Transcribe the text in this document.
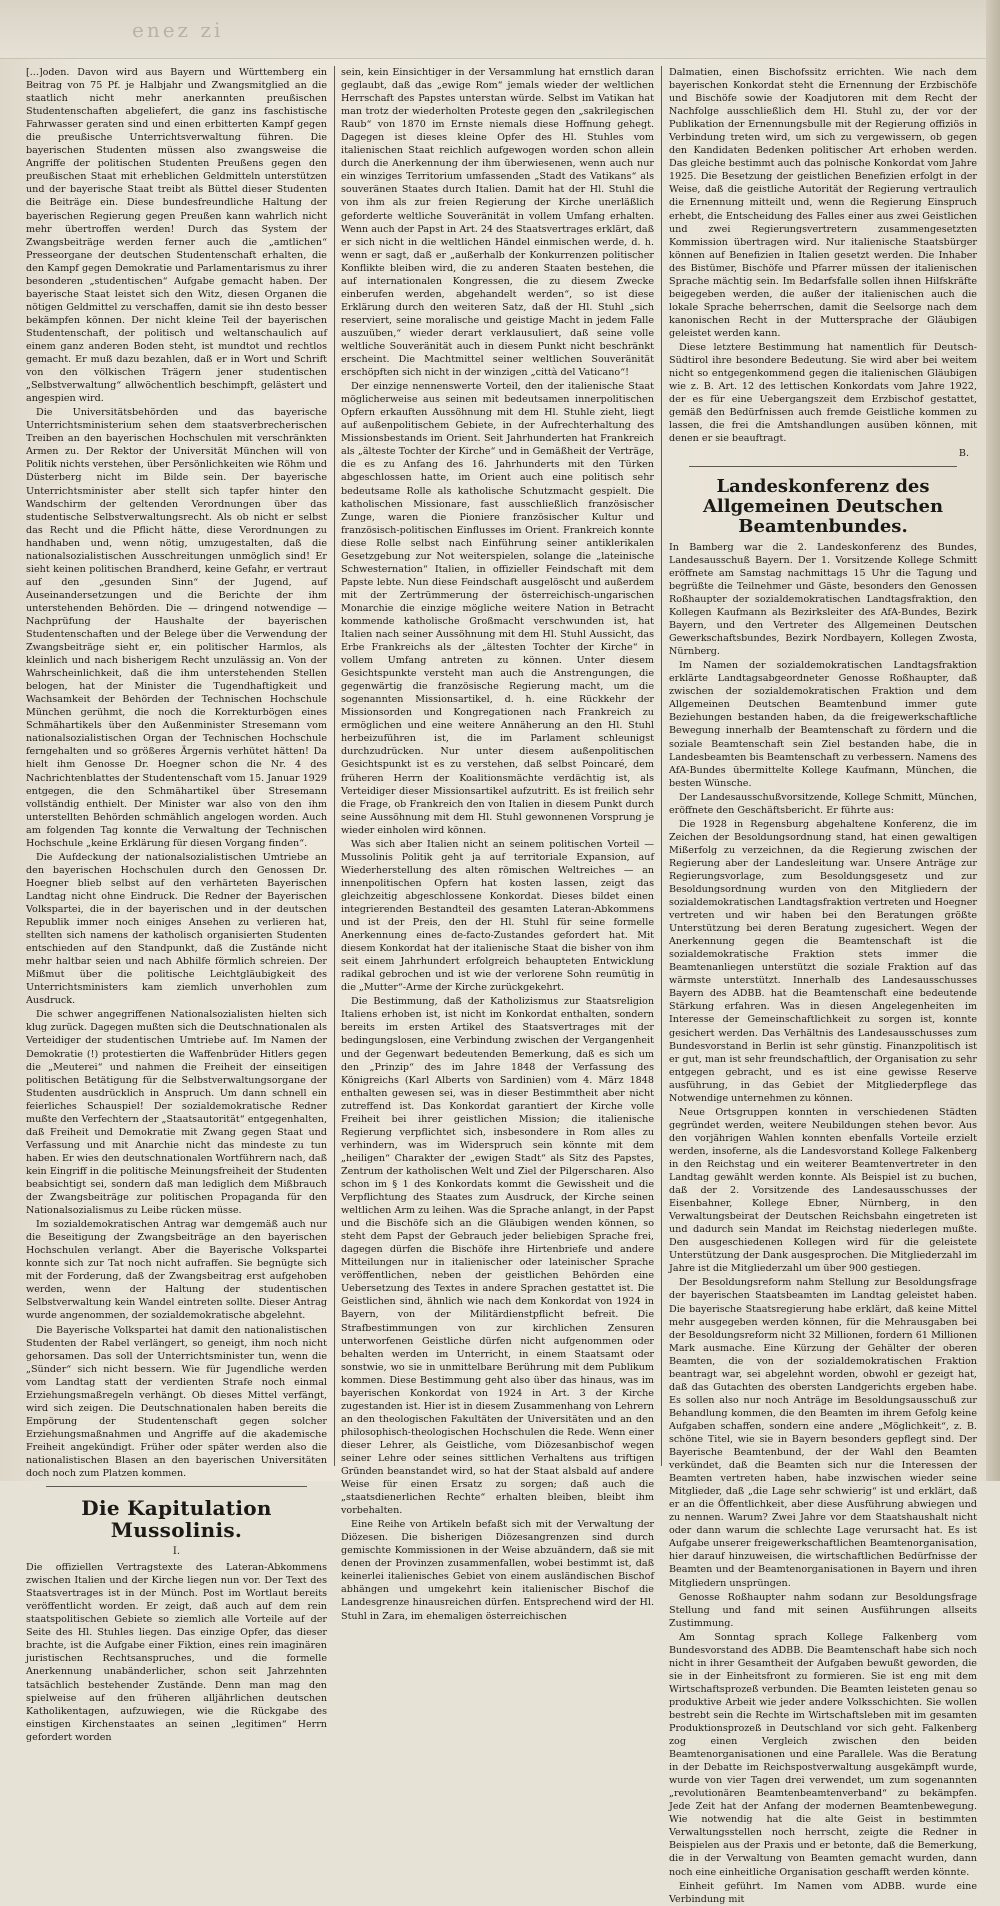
enez zi

[...]oden. Davon wird aus Bayern und Württemberg ein Beitrag von 75 Pf. je Halbjahr und Zwangsmitglied an die staatlich nicht mehr anerkannten preußischen Studentenschaften abgeliefert, die ganz ins faschistische Fahrwasser geraten sind und einen erbitterten Kampf gegen die preußische Unterrichtsverwaltung führen. Die bayerischen Studenten müssen also zwangsweise die Angriffe der politischen Studenten Preußens gegen den preußischen Staat mit erheblichen Geldmitteln unterstützen und der bayerische Staat treibt als Büttel dieser Studenten die Beiträge ein. Diese bundesfreundliche Haltung der bayerischen Regierung gegen Preußen kann wahrlich nicht mehr übertroffen werden! Durch das System der Zwangsbeiträge werden ferner auch die „amtlichen“ Presseorgane der deutschen Studentenschaft erhalten, die den Kampf gegen Demokratie und Parlamentarismus zu ihrer besonderen „studentischen“ Aufgabe gemacht haben. Der bayerische Staat leistet sich den Witz, diesen Organen die nötigen Geldmittel zu verschaffen, damit sie ihn desto besser bekämpfen können. Der nicht kleine Teil der bayerischen Studentenschaft, der politisch und weltanschaulich auf einem ganz anderen Boden steht, ist mundtot und rechtlos gemacht. Er muß dazu bezahlen, daß er in Wort und Schrift von den völkischen Trägern jener studentischen „Selbstverwaltung“ allwöchentlich beschimpft, gelästert und angespien wird.

Die Universitätsbehörden und das bayerische Unterrichtsministerium sehen dem staatsverbrecherischen Treiben an den bayerischen Hochschulen mit verschränkten Armen zu. Der Rektor der Universität München will von Politik nichts verstehen, über Persönlichkeiten wie Röhm und Düsterberg nicht im Bilde sein. Der bayerische Unterrichtsminister aber stellt sich tapfer hinter den Wandschirm der geltenden Verordnungen über das studentische Selbstverwaltungsrecht. Als ob nicht er selbst das Recht und die Pflicht hätte, diese Verordnungen zu handhaben und, wenn nötig, umzugestalten, daß die nationalsozialistischen Ausschreitungen unmöglich sind! Er sieht keinen politischen Brandherd, keine Gefahr, er vertraut auf den „gesunden Sinn“ der Jugend, auf Auseinandersetzungen und die Berichte der ihm unterstehenden Behörden. Die — dringend notwendige — Nachprüfung der Haushalte der bayerischen Studentenschaften und der Belege über die Verwendung der Zwangsbeiträge sieht er, ein politischer Harmlos, als kleinlich und nach bisherigem Recht unzulässig an. Von der Wahrscheinlichkeit, daß die ihm unterstehenden Stellen belogen, hat der Minister die Tugendhaftigkeit und Wachsamkeit der Behörden der Technischen Hochschule München gerühmt, die noch die Korrekturbögen eines Schmähartikels über den Außenminister Stresemann vom nationalsozialistischen Organ der Technischen Hochschule ferngehalten und so größeres Ärgernis verhütet hätten! Da hielt ihm Genosse Dr. Hoegner schon die Nr. 4 des Nachrichtenblattes der Studentenschaft vom 15. Januar 1929 entgegen, die den Schmähartikel über Stresemann vollständig enthielt. Der Minister war also von den ihm unterstellten Behörden schmählich angelogen worden. Auch am folgenden Tag konnte die Verwaltung der Technischen Hochschule „keine Erklärung für diesen Vorgang finden“.

Die Aufdeckung der nationalsozialistischen Umtriebe an den bayerischen Hochschulen durch den Genossen Dr. Hoegner blieb selbst auf den verhärteten Bayerischen Landtag nicht ohne Eindruck. Die Redner der Bayerischen Volkspartei, die in der bayerischen und in der deutschen Republik immer noch einiges Ansehen zu verlieren hat, stellten sich namens der katholisch organisierten Studenten entschieden auf den Standpunkt, daß die Zustände nicht mehr haltbar seien und nach Abhilfe förmlich schreien. Der Mißmut über die politische Leichtgläubigkeit des Unterrichtsministers kam ziemlich unverhohlen zum Ausdruck.

Die schwer angegriffenen Nationalsozialisten hielten sich klug zurück. Dagegen mußten sich die Deutschnationalen als Verteidiger der studentischen Umtriebe auf. Im Namen der Demokratie (!) protestierten die Waffenbrüder Hitlers gegen die „Meuterei“ und nahmen die Freiheit der einseitigen politischen Betätigung für die Selbstverwaltungsorgane der Studenten ausdrücklich in Anspruch. Um dann schnell ein feierliches Schauspiel! Der sozialdemokratische Redner mußte den Verfechtern der „Staatsautorität“ entgegenhalten, daß Freiheit und Demokratie mit Zwang gegen Staat und Verfassung und mit Anarchie nicht das mindeste zu tun haben. Er wies den deutschnationalen Wortführern nach, daß kein Eingriff in die politische Meinungsfreiheit der Studenten beabsichtigt sei, sondern daß man lediglich dem Mißbrauch der Zwangsbeiträge zur politischen Propaganda für den Nationalsozialismus zu Leibe rücken müsse.

Im sozialdemokratischen Antrag war demgemäß auch nur die Beseitigung der Zwangsbeiträge an den bayerischen Hochschulen verlangt. Aber die Bayerische Volkspartei konnte sich zur Tat noch nicht aufraffen. Sie begnügte sich mit der Forderung, daß der Zwangsbeitrag erst aufgehoben werden, wenn der Haltung der studentischen Selbstverwaltung kein Wandel eintreten sollte. Dieser Antrag wurde angenommen, der sozialdemokratische abgelehnt.

Die Bayerische Volkspartei hat damit den nationalistischen Studenten der Rabel verlängert, so geneigt, ihm noch nicht gehorsamen. Das soll der Unterrichtsminister tun, wenn die „Sünder“ sich nicht bessern. Wie für Jugendliche werden vom Landtag statt der verdienten Strafe noch einmal Erziehungsmaßregeln verhängt. Ob dieses Mittel verfängt, wird sich zeigen. Die Deutschnationalen haben bereits die Empörung der Studentenschaft gegen solcher Erziehungsmaßnahmen und Angriffe auf die akademische Freiheit angekündigt. Früher oder später werden also die nationalistischen Blasen an den bayerischen Universitäten doch noch zum Platzen kommen.

Die Kapitulation Mussolinis.
I.

Die offiziellen Vertragstexte des Lateran-Abkommens zwischen Italien und der Kirche liegen nun vor. Der Text des Staatsvertrages ist in der Münch. Post im Wortlaut bereits veröffentlicht worden. Er zeigt, daß auch auf dem rein staatspolitischen Gebiete so ziemlich alle Vorteile auf der Seite des Hl. Stuhles liegen. Das einzige Opfer, das dieser brachte, ist die Aufgabe einer Fiktion, eines rein imaginären juristischen Rechtsanspruches, und die formelle Anerkennung unabänderlicher, schon seit Jahrzehnten tatsächlich bestehender Zustände. Denn man mag den spielweise auf den früheren alljährlichen deutschen Katholikentagen, aufzuwiegen, wie die Rückgabe des einstigen Kirchenstaates an seinen „legitimen“ Herrn gefordert worden

sein, kein Einsichtiger in der Versammlung hat ernstlich daran geglaubt, daß das „ewige Rom“ jemals wieder der weltlichen Herrschaft des Papstes unterstan würde. Selbst im Vatikan hat man trotz der wiederholten Proteste gegen den „sakrilegischen Raub“ von 1870 im Ernste niemals diese Hoffnung gehegt. Dagegen ist dieses kleine Opfer des Hl. Stuhles vom italienischen Staat reichlich aufgewogen worden schon allein durch die Anerkennung der ihm überwiesenen, wenn auch nur ein winziges Territorium umfassenden „Stadt des Vatikans“ als souveränen Staates durch Italien. Damit hat der Hl. Stuhl die von ihm als zur freien Regierung der Kirche unerläßlich geforderte weltliche Souveränität in vollem Umfang erhalten. Wenn auch der Papst in Art. 24 des Staatsvertrages erklärt, daß er sich nicht in die weltlichen Händel einmischen werde, d. h. wenn er sagt, daß er „außerhalb der Konkurrenzen politischer Konflikte bleiben wird, die zu anderen Staaten bestehen, die auf internationalen Kongressen, die zu diesem Zwecke einberufen werden, abgehandelt werden“, so ist diese Erklärung durch den weiteren Satz, daß der Hl. Stuhl „sich reserviert, seine moralische und geistige Macht in jedem Falle auszuüben,“ wieder derart verklausuliert, daß seine volle weltliche Souveränität auch in diesem Punkt nicht beschränkt erscheint. Die Machtmittel seiner weltlichen Souveränität erschöpften sich nicht in der winzigen „città del Vaticano“!

Der einzige nennenswerte Vorteil, den der italienische Staat möglicherweise aus seinen mit bedeutsamen innerpolitischen Opfern erkauften Aussöhnung mit dem Hl. Stuhle zieht, liegt auf außenpolitischem Gebiete, in der Aufrechterhaltung des Missionsbestands im Orient. Seit Jahrhunderten hat Frankreich als „älteste Tochter der Kirche“ und in Gemäßheit der Verträge, die es zu Anfang des 16. Jahrhunderts mit den Türken abgeschlossen hatte, im Orient auch eine politisch sehr bedeutsame Rolle als katholische Schutzmacht gespielt. Die katholischen Missionare, fast ausschließlich französischer Zunge, waren die Pioniere französischer Kultur und französisch-politischen Einflusses im Orient. Frankreich konnte diese Rolle selbst nach Einführung seiner antiklerikalen Gesetzgebung zur Not weiterspielen, solange die „lateinische Schwesternation“ Italien, in offizieller Feindschaft mit dem Papste lebte. Nun diese Feindschaft ausgelöscht und außerdem mit der Zertrümmerung der österreichisch-ungarischen Monarchie die einzige mögliche weitere Nation in Betracht kommende katholische Großmacht verschwunden ist, hat Italien nach seiner Aussöhnung mit dem Hl. Stuhl Aussicht, das Erbe Frankreichs als der „ältesten Tochter der Kirche“ in vollem Umfang antreten zu können. Unter diesem Gesichtspunkte versteht man auch die Anstrengungen, die gegenwärtig die französische Regierung macht, um die sogenannten Missionsartikel, d. h. eine Rückkehr der Missionsorden und Kongregationen nach Frankreich zu ermöglichen und eine weitere Annäherung an den Hl. Stuhl herbeizuführen ist, die im Parlament schleunigst durchzudrücken. Nur unter diesem außenpolitischen Gesichtspunkt ist es zu verstehen, daß selbst Poincaré, dem früheren Herrn der Koalitionsmächte verdächtig ist, als Verteidiger dieser Missionsartikel aufzutritt. Es ist freilich sehr die Frage, ob Frankreich den von Italien in diesem Punkt durch seine Aussöhnung mit dem Hl. Stuhl gewonnenen Vorsprung je wieder einholen wird können.

Was sich aber Italien nicht an seinem politischen Vorteil — Mussolinis Politik geht ja auf territoriale Expansion, auf Wiederherstellung des alten römischen Weltreiches — an innenpolitischen Opfern hat kosten lassen, zeigt das gleichzeitig abgeschlossene Konkordat. Dieses bildet einen integrierenden Bestandteil des gesamten Lateran-Abkommens und ist der Preis, den der Hl. Stuhl für seine formelle Anerkennung eines de-facto-Zustandes gefordert hat. Mit diesem Konkordat hat der italienische Staat die bisher von ihm seit einem Jahrhundert erfolgreich behaupteten Entwicklung radikal gebrochen und ist wie der verlorene Sohn reumütig in die „Mutter“-Arme der Kirche zurückgekehrt.

Die Bestimmung, daß der Katholizismus zur Staatsreligion Italiens erhoben ist, ist nicht im Konkordat enthalten, sondern bereits im ersten Artikel des Staatsvertrages mit der bedingungslosen, eine Verbindung zwischen der Vergangenheit und der Gegenwart bedeutenden Bemerkung, daß es sich um den „Prinzip“ des im Jahre 1848 der Verfassung des Königreichs (Karl Alberts von Sardinien) vom 4. März 1848 enthalten gewesen sei, was in dieser Bestimmtheit aber nicht zutreffend ist. Das Konkordat garantiert der Kirche volle Freiheit bei ihrer geistlichen Mission; die italienische Regierung verpflichtet sich, insbesondere in Rom alles zu verhindern, was im Widerspruch sein könnte mit dem „heiligen“ Charakter der „ewigen Stadt“ als Sitz des Papstes, Zentrum der katholischen Welt und Ziel der Pilgerscharen. Also schon im § 1 des Konkordats kommt die Gewissheit und die Verpflichtung des Staates zum Ausdruck, der Kirche seinen weltlichen Arm zu leihen. Was die Sprache anlangt, in der Papst und die Bischöfe sich an die Gläubigen wenden können, so steht dem Papst der Gebrauch jeder beliebigen Sprache frei, dagegen dürfen die Bischöfe ihre Hirtenbriefe und andere Mitteilungen nur in italienischer oder lateinischer Sprache veröffentlichen, neben der geistlichen Behörden eine Uebersetzung des Textes in andere Sprachen gestattet ist. Die Geistlichen sind, ähnlich wie nach dem Konkordat von 1924 in Bayern, von der Militärdienstpflicht befreit. Die Strafbestimmungen von zur kirchlichen Zensuren unterworfenen Geistliche dürfen nicht aufgenommen oder behalten werden im Unterricht, in einem Staatsamt oder sonstwie, wo sie in unmittelbare Berührung mit dem Publikum kommen. Diese Bestimmung geht also über das hinaus, was im bayerischen Konkordat von 1924 in Art. 3 der Kirche zugestanden ist. Hier ist in diesem Zusammenhang von Lehrern an den theologischen Fakultäten der Universitäten und an den philosophisch-theologischen Hochschulen die Rede. Wenn einer dieser Lehrer, als Geistliche, vom Diözesanbischof wegen seiner Lehre oder seines sittlichen Verhaltens aus triftigen Gründen beanstandet wird, so hat der Staat alsbald auf andere Weise für einen Ersatz zu sorgen; daß auch die „staatsdienerlichen Rechte“ erhalten bleiben, bleibt ihm vorbehalten.

Eine Reihe von Artikeln befaßt sich mit der Verwaltung der Diözesen. Die bisherigen Diözesangrenzen sind durch gemischte Kommissionen in der Weise abzuändern, daß sie mit denen der Provinzen zusammenfallen, wobei bestimmt ist, daß keinerlei italienisches Gebiet von einem ausländischen Bischof abhängen und umgekehrt kein italienischer Bischof die Landesgrenze hinausreichen dürfen. Entsprechend wird der Hl. Stuhl in Zara, im ehemaligen österreichischen

Dalmatien, einen Bischofssitz errichten. Wie nach dem bayerischen Konkordat steht die Ernennung der Erzbischöfe und Bischöfe sowie der Koadjutoren mit dem Recht der Nachfolge ausschließlich dem Hl. Stuhl zu, der vor der Publikation der Ernennungsbulle mit der Regierung offiziös in Verbindung treten wird, um sich zu vergewissern, ob gegen den Kandidaten Bedenken politischer Art erhoben werden. Das gleiche bestimmt auch das polnische Konkordat vom Jahre 1925. Die Besetzung der geistlichen Benefizien erfolgt in der Weise, daß die geistliche Autorität der Regierung vertraulich die Ernennung mitteilt und, wenn die Regierung Einspruch erhebt, die Entscheidung des Falles einer aus zwei Geistlichen und zwei Regierungsvertretern zusammengesetzten Kommission übertragen wird. Nur italienische Staatsbürger können auf Benefizien in Italien gesetzt werden. Die Inhaber des Bistümer, Bischöfe und Pfarrer müssen der italienischen Sprache mächtig sein. Im Bedarfsfalle sollen ihnen Hilfskräfte beigegeben werden, die außer der italienischen auch die lokale Sprache beherrschen, damit die Seelsorge nach dem kanonischen Recht in der Muttersprache der Gläubigen geleistet werden kann.

Diese letztere Bestimmung hat namentlich für Deutsch-Südtirol ihre besondere Bedeutung. Sie wird aber bei weitem nicht so entgegenkommend gegen die italienischen Gläubigen wie z. B. Art. 12 des lettischen Konkordats vom Jahre 1922, der es für eine Uebergangszeit dem Erzbischof gestattet, gemäß den Bedürfnissen auch fremde Geistliche kommen zu lassen, die frei die Amtshandlungen ausüben können, mit denen er sie beauftragt.

B.
Landeskonferenz des Allgemeinen Deutschen Beamtenbundes.

In Bamberg war die 2. Landeskonferenz des Bundes, Landesausschuß Bayern. Der 1. Vorsitzende Kollege Schmitt eröffnete am Samstag nachmittags 15 Uhr die Tagung und begrüßte die Teilnehmer und Gäste, besonders den Genossen Roßhaupter der sozialdemokratischen Landtagsfraktion, den Kollegen Kaufmann als Bezirksleiter des AfA-Bundes, Bezirk Bayern, und den Vertreter des Allgemeinen Deutschen Gewerkschaftsbundes, Bezirk Nordbayern, Kollegen Zwosta, Nürnberg.

Im Namen der sozialdemokratischen Landtagsfraktion erklärte Landtagsabgeordneter Genosse Roßhaupter, daß zwischen der sozialdemokratischen Fraktion und dem Allgemeinen Deutschen Beamtenbund immer gute Beziehungen bestanden haben, da die freigewerkschaftliche Bewegung innerhalb der Beamtenschaft zu fördern und die soziale Beamtenschaft sein Ziel bestanden habe, die in Landesbeamten bis Beamtenschaft zu verbessern. Namens des AfA-Bundes übermittelte Kollege Kaufmann, München, die besten Wünsche.

Der Landesausschußvorsitzende, Kollege Schmitt, München, eröffnete den Geschäftsbericht. Er führte aus:

Die 1928 in Regensburg abgehaltene Konferenz, die im Zeichen der Besoldungsordnung stand, hat einen gewaltigen Mißerfolg zu verzeichnen, da die Regierung zwischen der Regierung aber der Landesleitung war. Unsere Anträge zur Regierungsvorlage, zum Besoldungsgesetz und zur Besoldungsordnung wurden von den Mitgliedern der sozialdemokratischen Landtagsfraktion vertreten und Hoegner vertreten und wir haben bei den Beratungen größte Unterstützung bei deren Beratung zugesichert. Wegen der Anerkennung gegen die Beamtenschaft ist die sozialdemokratische Fraktion stets immer die Beamtenanliegen unterstützt die soziale Fraktion auf das wärmste unterstützt. Innerhalb des Landesausschusses Bayern des ADBB. hat die Beamtenschaft eine bedeutende Stärkung erfahren. Was in diesen Angelegenheiten im Interesse der Gemeinschaftlichkeit zu sorgen ist, konnte gesichert werden. Das Verhältnis des Landesausschusses zum Bundesvorstand in Berlin ist sehr günstig. Finanzpolitisch ist er gut, man ist sehr freundschaftlich, der Organisation zu sehr entgegen gebracht, und es ist eine gewisse Reserve ausführung, in das Gebiet der Mitgliederpflege das Notwendige unternehmen zu können.

Neue Ortsgruppen konnten in verschiedenen Städten gegründet werden, weitere Neubildungen stehen bevor. Aus den vorjährigen Wahlen konnten ebenfalls Vorteile erzielt werden, insoferne, als die Landesvorstand Kollege Falkenberg in den Reichstag und ein weiterer Beamtenvertreter in den Landtag gewählt werden konnte. Als Beispiel ist zu buchen, daß der 2. Vorsitzende des Landesausschusses der Eisenbahner, Kollege Ebner, Nürnberg, in den Verwaltungsbeirat der Deutschen Reichsbahn eingetreten ist und dadurch sein Mandat im Reichstag niederlegen mußte. Den ausgeschiedenen Kollegen wird für die geleistete Unterstützung der Dank ausgesprochen. Die Mitgliederzahl im Jahre ist die Mitgliederzahl um über 900 gestiegen.

Der Besoldungsreform nahm Stellung zur Besoldungsfrage der bayerischen Staatsbeamten im Landtag geleistet haben. Die bayerische Staatsregierung habe erklärt, daß keine Mittel mehr ausgegeben werden können, für die Mehrausgaben bei der Besoldungsreform nicht 32 Millionen, fordern 61 Millionen Mark ausmache. Eine Kürzung der Gehälter der oberen Beamten, die von der sozialdemokratischen Fraktion beantragt war, sei abgelehnt worden, obwohl er gezeigt hat, daß das Gutachten des obersten Landgerichts ergeben habe. Es sollen also nur noch Anträge im Besoldungsausschuß zur Behandlung kommen, die den Beamten im ihrem Gefolg keine Aufgaben schaffen, sondern eine andere „Möglichkeit“, z. B. schöne Titel, wie sie in Bayern besonders gepflegt sind. Der Bayerische Beamtenbund, der der Wahl den Beamten verkündet, daß die Beamten sich nur die Interessen der Beamten vertreten haben, habe inzwischen wieder seine Mitglieder, daß „die Lage sehr schwierig“ ist und erklärt, daß er an die Öffentlichkeit, aber diese Ausführung abwiegen und zu nennen. Warum? Zwei Jahre vor dem Staatshaushalt nicht oder dann warum die schlechte Lage verursacht hat. Es ist Aufgabe unserer freigewerkschaftlichen Beamtenorganisation, hier darauf hinzuweisen, die wirtschaftlichen Bedürfnisse der Beamten und der Beamtenorganisationen in Bayern und ihren Mitgliedern unsprüngen.

Genosse Roßhaupter nahm sodann zur Besoldungsfrage Stellung und fand mit seinen Ausführungen allseits Zustimmung.

Am Sonntag sprach Kollege Falkenberg vom Bundesvorstand des ADBB. Die Beamtenschaft habe sich noch nicht in ihrer Gesamtheit der Aufgaben bewußt geworden, die sie in der Einheitsfront zu formieren. Sie ist eng mit dem Wirtschaftsprozeß verbunden. Die Beamten leisteten genau so produktive Arbeit wie jeder andere Volksschichten. Sie wollen bestrebt sein die Rechte im Wirtschaftsleben mit im gesamten Produktionsprozeß in Deutschland vor sich geht. Falkenberg zog einen Vergleich zwischen den beiden Beamtenorganisationen und eine Parallele. Was die Beratung in der Debatte im Reichspostverwaltung ausgekämpft wurde, wurde von vier Tagen drei verwendet, um zum sogenannten „revolutionären Beamtenbeamtenverband“ zu bekämpfen. Jede Zeit hat der Anfang der modernen Beamtenbewegung. Wie notwendig hat die alte Geist in bestimmten Verwaltungsstellen noch herrscht, zeigte die Redner in Beispielen aus der Praxis und er betonte, daß die Bemerkung, die in der Verwaltung von Beamten gemacht wurden, dann noch eine einheitliche Organisation geschafft werden könnte.

Einheit geführt. Im Namen vom ADBB. wurde eine Verbindung mit
